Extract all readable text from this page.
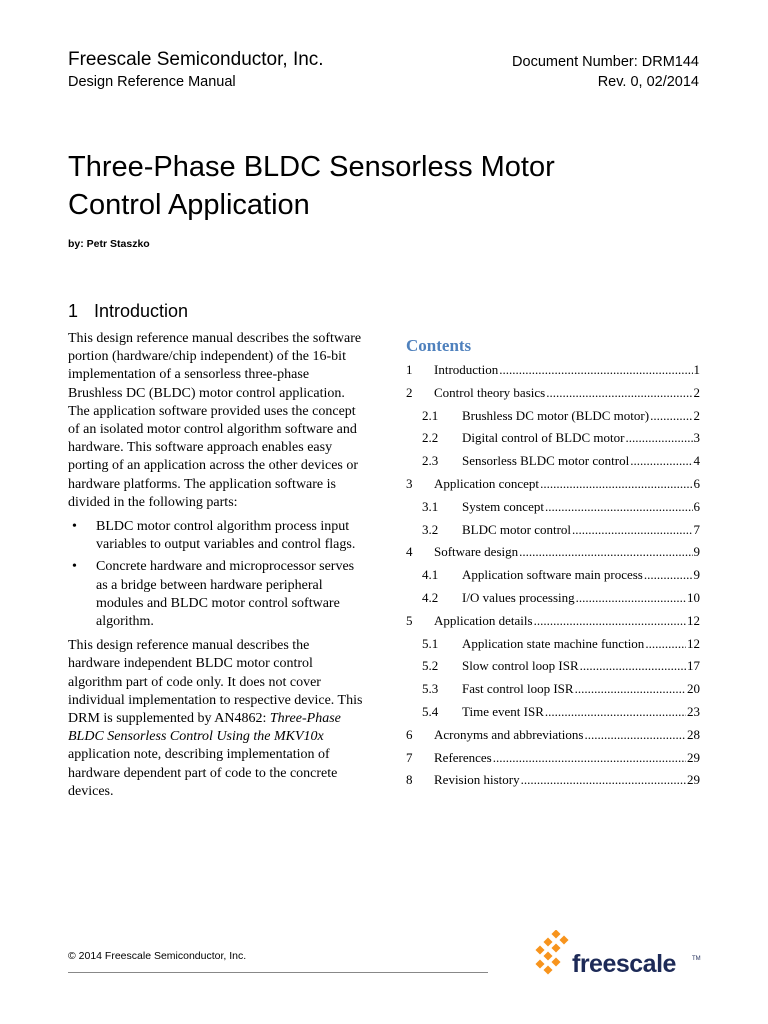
Freescale Semiconductor, Inc.
Design Reference Manual
Document Number: DRM144
Rev. 0, 02/2014
Three-Phase BLDC Sensorless Motor
Control Application
by: Petr Staszko
1 Introduction

This design reference manual describes the software portion (hardware/chip independent) of the 16-bit implementation of a sensorless three-phase Brushless DC (BLDC) motor control application. The application software provided uses the concept of an isolated motor control algorithm software and hardware. This software approach enables easy porting of an application across the other devices or hardware platforms. The application software is divided in the following parts:

• BLDC motor control algorithm process input variables to output variables and control flags.
• Concrete hardware and microprocessor serves as a bridge between hardware peripheral modules and BLDC motor control software algorithm.

This design reference manual describes the hardware independent BLDC motor control algorithm part of code only. It does not cover individual implementation to respective device. This DRM is supplemented by AN4862: Three-Phase BLDC Sensorless Control Using the MKV10x application note, describing implementation of hardware dependent part of code to the concrete devices.

Contents
1	Introduction .....	1
2	Control theory basics .....	2
2.1	Brushless DC motor (BLDC motor) .....	2
2.2	Digital control of BLDC motor .....	3
2.3	Sensorless BLDC motor control .....	4
3	Application concept .....	6
3.1	System concept .....	6
3.2	BLDC motor control .....	7
4	Software design .....	9
4.1	Application software main process .....	9
4.2	I/O values processing .....	10
5	Application details .....	12
5.1	Application state machine function .....	12
5.2	Slow control loop ISR .....	17
5.3	Fast control loop ISR .....	20
5.4	Time event ISR .....	23
6	Acronyms and abbreviations .....	28
7	References .....	29
8	Revision history .....	29
© 2014 Freescale Semiconductor, Inc.	freescale	TM
